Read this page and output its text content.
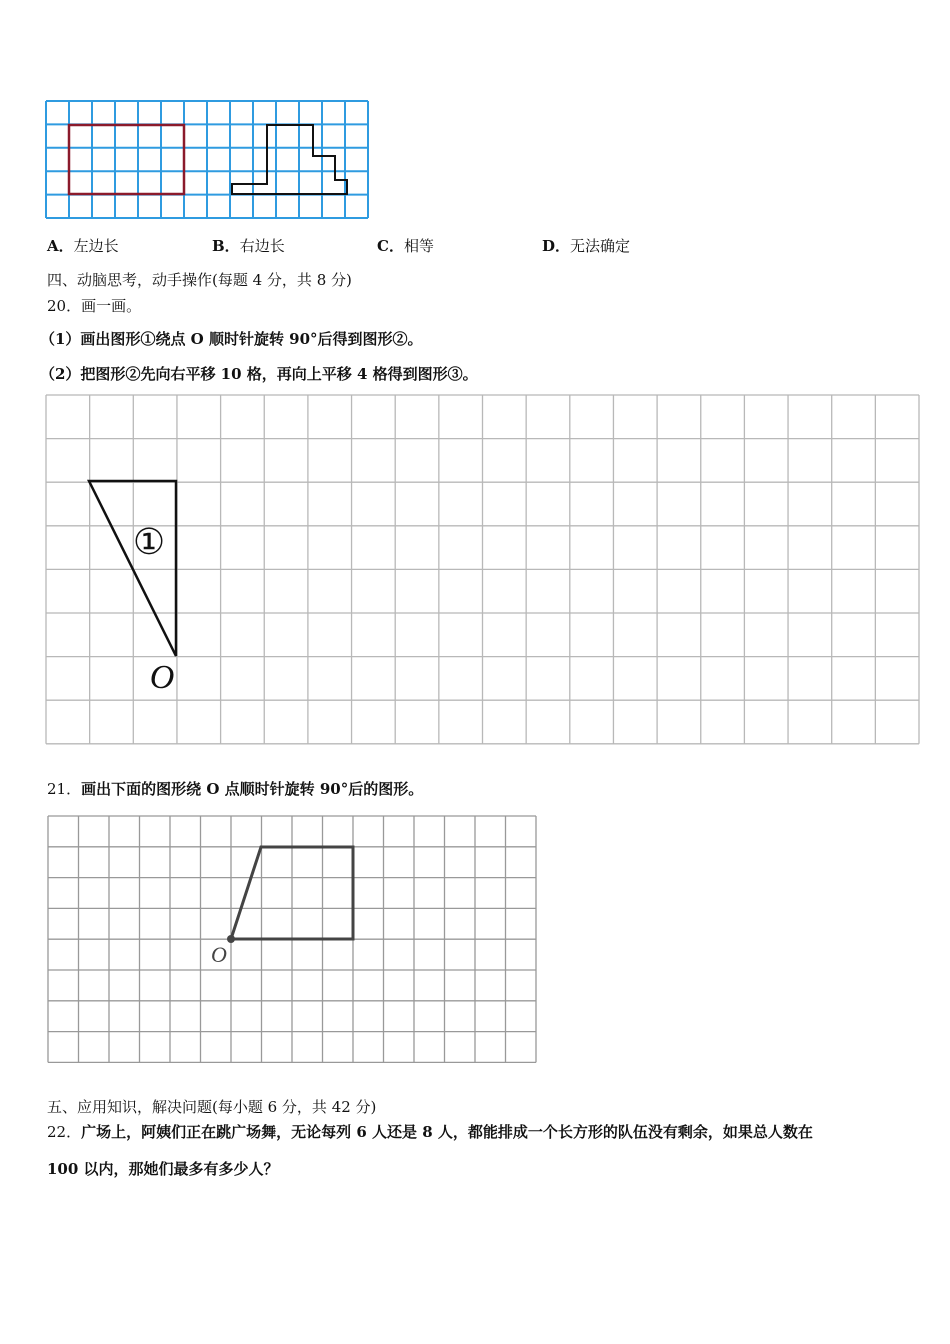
A．左边长	B．右边长	C．相等	D．无法确定
四、动脑思考，动手操作(每题 4 分，共 8 分)
20．画一画。
（1）画出图形①绕点 O 顺时针旋转 90°后得到图形②。
（2）把图形②先向右平移 10 格，再向上平移 4 格得到图形③。
①
O
21．画出下面的图形绕 O 点顺时针旋转 90°后的图形。
O
五、应用知识，解决问题(每小题 6 分，共 42 分)
22．广场上，阿姨们正在跳广场舞，无论每列 6 人还是 8 人，都能排成一个长方形的队伍没有剩余，如果总人数在
100 以内，那她们最多有多少人？
